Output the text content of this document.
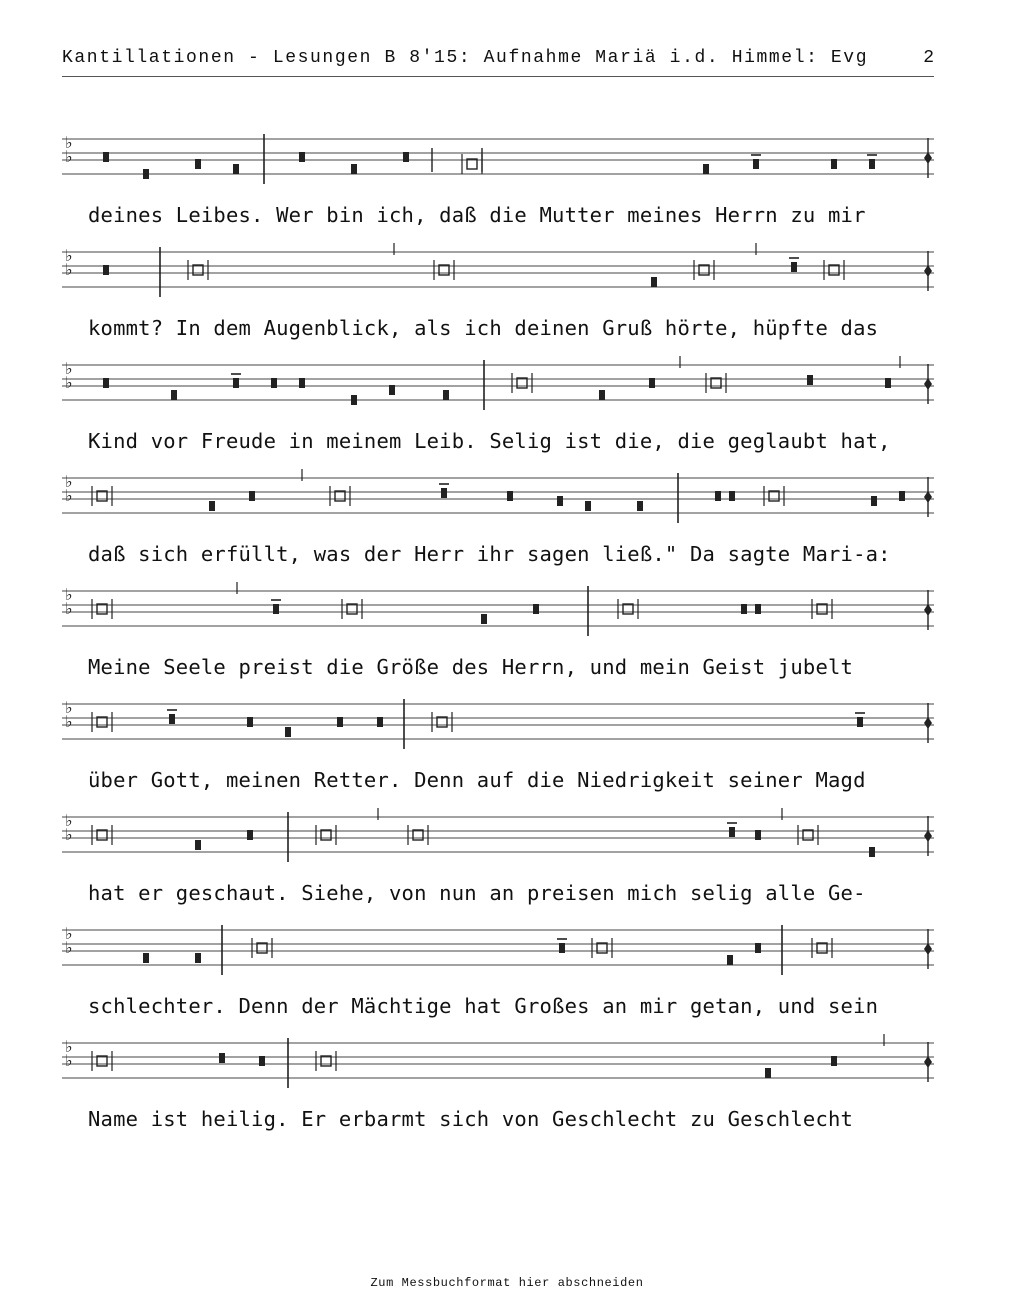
Kantillationen - Lesungen B 8'15: Aufnahme Mariä i.d. Himmel: Evg	2
♭
♭
deines Leibes. Wer bin ich, daß die Mutter meines Herrn zu mir
♭
♭
kommt? In dem Augenblick, als ich deinen Gruß hörte, hüpfte das
♭
♭
Kind vor Freude in meinem Leib. Selig ist die, die geglaubt hat,
♭
♭
daß sich erfüllt, was der Herr ihr sagen ließ." Da sagte Mari-a:
♭
♭
Meine Seele preist die Größe des Herrn, und mein Geist jubelt
♭
♭
über Gott, meinen Retter. Denn auf die Niedrigkeit seiner Magd
♭
♭
hat er geschaut. Siehe, von nun an preisen mich selig alle Ge-
♭
♭
schlechter. Denn der Mächtige hat Großes an mir getan, und sein
♭
♭
Name ist heilig. Er erbarmt sich von Geschlecht zu Geschlecht
Zum Messbuchformat hier abschneiden
